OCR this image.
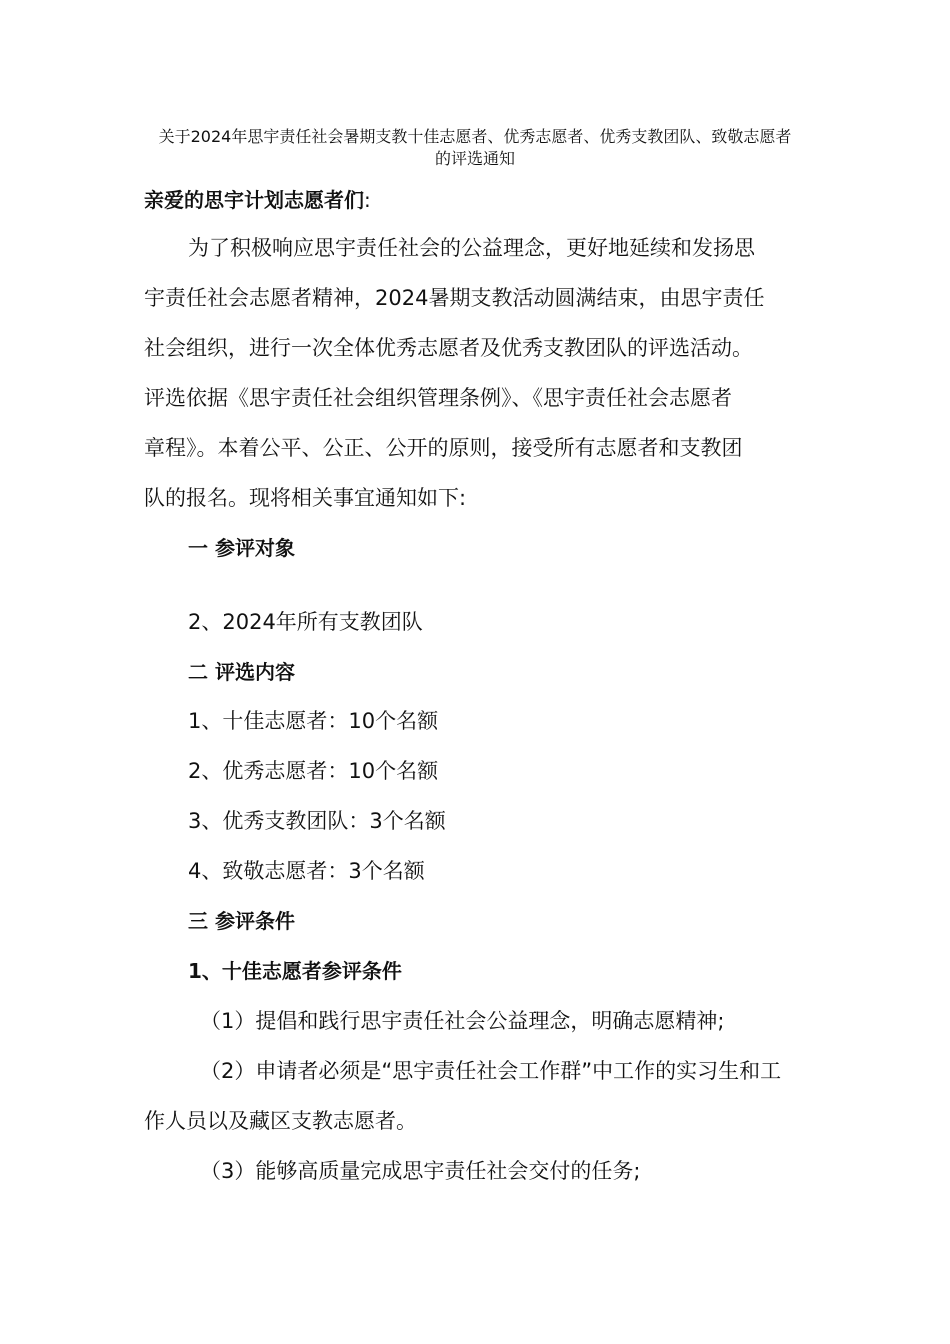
关于2024年思宇责任社会暑期支教十佳志愿者、优秀志愿者、优秀支教团队、致敬志愿者
的评选通知

亲爱的思宇计划志愿者们:

为了积极响应思宇责任社会的公益理念，更好地延续和发扬思

宇责任社会志愿者精神，2024暑期支教活动圆满结束，由思宇责任

社会组织，进行一次全体优秀志愿者及优秀支教团队的评选活动。

评选依据《思宇责任社会组织管理条例》、《思宇责任社会志愿者

章程》。本着公平、公正、公开的原则，接受所有志愿者和支教团

队的报名。现将相关事宜通知如下:

一 参评对象

2、2024年所有支教团队

二 评选内容

1、十佳志愿者：10个名额

2、优秀志愿者：10个名额

3、优秀支教团队：3个名额

4、致敬志愿者：3个名额

三 参评条件

1、十佳志愿者参评条件

（1）提倡和践行思宇责任社会公益理念，明确志愿精神;

（2）申请者必须是“思宇责任社会工作群”中工作的实习生和工

作人员以及藏区支教志愿者。

（3）能够高质量完成思宇责任社会交付的任务;
